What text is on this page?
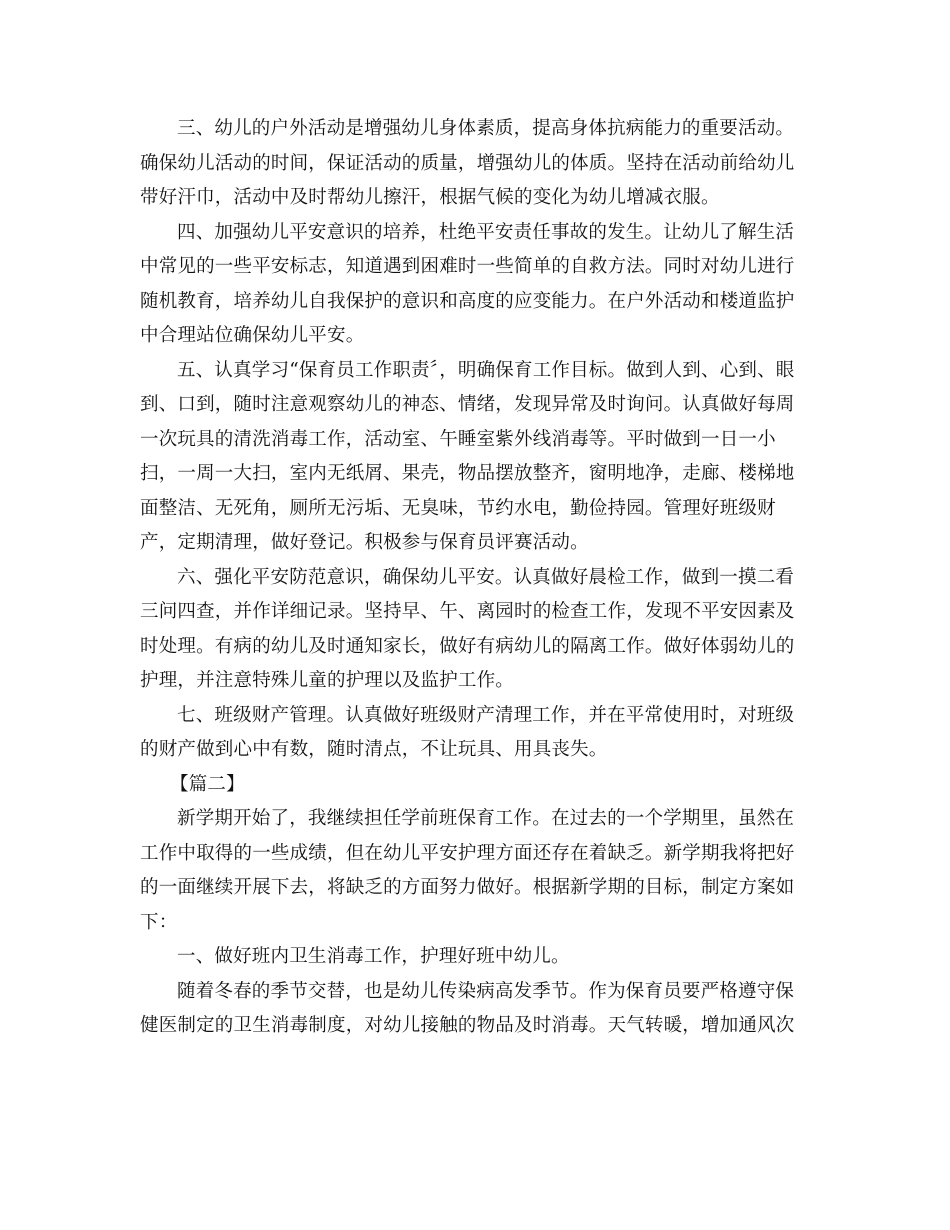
三、幼儿的户外活动是增强幼儿身体素质，提高身体抗病能力的重要活动。
确保幼儿活动的时间，保证活动的质量，增强幼儿的体质。坚持在活动前给幼儿
带好汗巾，活动中及时帮幼儿擦汗，根据气候的变化为幼儿增减衣服。
四、加强幼儿平安意识的培养，杜绝平安责任事故的发生。让幼儿了解生活
中常见的一些平安标志，知道遇到困难时一些简单的自救方法。同时对幼儿进行
随机教育，培养幼儿自我保护的意识和高度的应变能力。在户外活动和楼道监护
中合理站位确保幼儿平安。
五、认真学习“保育员工作职责〞，明确保育工作目标。做到人到、心到、眼
到、口到，随时注意观察幼儿的神态、情绪，发现异常及时询问。认真做好每周
一次玩具的清洗消毒工作，活动室、午睡室紫外线消毒等。平时做到一日一小
扫，一周一大扫，室内无纸屑、果壳，物品摆放整齐，窗明地净，走廊、楼梯地
面整洁、无死角，厕所无污垢、无臭味，节约水电，勤俭持园。管理好班级财
产，定期清理，做好登记。积极参与保育员评赛活动。
六、强化平安防范意识，确保幼儿平安。认真做好晨检工作，做到一摸二看
三问四查，并作详细记录。坚持早、午、离园时的检查工作，发现不平安因素及
时处理。有病的幼儿及时通知家长，做好有病幼儿的隔离工作。做好体弱幼儿的
护理，并注意特殊儿童的护理以及监护工作。
七、班级财产管理。认真做好班级财产清理工作，并在平常使用时，对班级
的财产做到心中有数，随时清点，不让玩具、用具丧失。
【篇二】
新学期开始了，我继续担任学前班保育工作。在过去的一个学期里，虽然在
工作中取得的一些成绩，但在幼儿平安护理方面还存在着缺乏。新学期我将把好
的一面继续开展下去，将缺乏的方面努力做好。根据新学期的目标，制定方案如
下：
一、做好班内卫生消毒工作，护理好班中幼儿。
随着冬春的季节交替，也是幼儿传染病高发季节。作为保育员要严格遵守保
健医制定的卫生消毒制度，对幼儿接触的物品及时消毒。天气转暖，增加通风次
